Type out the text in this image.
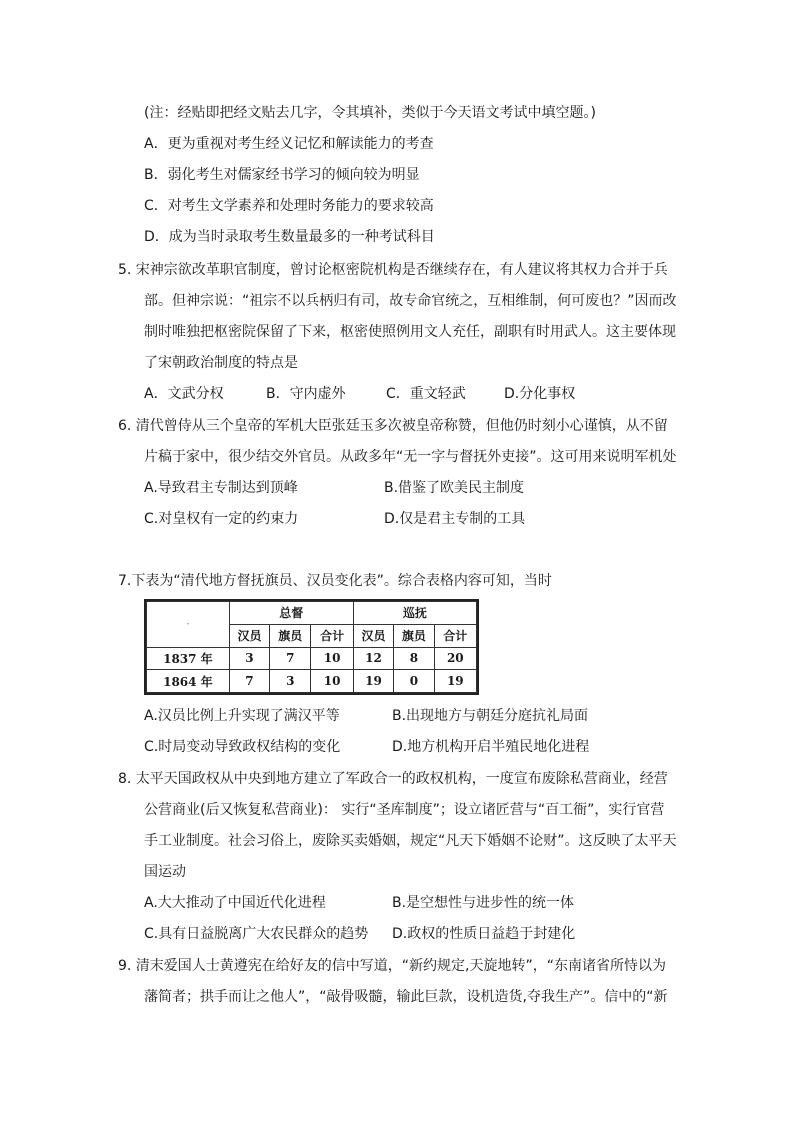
(注：经贴即把经文贴去几字，令其填补，类似于今天语文考试中填空题。)
A．更为重视对考生经义记忆和解读能力的考查
B．弱化考生对儒家经书学习的倾向较为明显
C．对考生文学素养和处理时务能力的要求较高
D．成为当时录取考生数量最多的一种考试科目
5. 宋神宗欲改革职官制度，曾讨论枢密院机构是否继续存在，有人建议将其权力合并于兵
部。但神宗说：“祖宗不以兵柄归有司，故专命官统之，互相维制，何可废也？”因而改
制时唯独把枢密院保留了下来，枢密使照例用文人充任，副职有时用武人。这主要体现
了宋朝政治制度的特点是
A．文武分权	B．守内虚外	C．重文轻武	D.分化事权
6. 清代曾侍从三个皇帝的军机大臣张廷玉多次被皇帝称赞，但他仍时刻小心谨慎，从不留
片稿于家中，很少结交外官员。从政多年“无一字与督抚外吏接”。这可用来说明军机处
A.导致君主专制达到顶峰	B.借鉴了欧美民主制度
C.对皇权有一定的约束力	D.仅是君主专制的工具
7.下表为“清代地方督抚旗员、汉员变化表”。综合表格内容可知，当时
·	总督			巡抚		
	汉员	旗员	合计	汉员	旗员	合计
1837 年	3	7	10	12	8	20
1864 年	7	3	10	19	0	19
A.汉员比例上升实现了满汉平等	B.出现地方与朝廷分庭抗礼局面
C.时局变动导致政权结构的变化	D.地方机构开启半殖民地化进程
8. 太平天国政权从中央到地方建立了军政合一的政权机构，一度宣布废除私营商业，经营
公营商业(后又恢复私营商业)： 实行“圣库制度”；设立诸匠营与“百工衙”，实行官营
手工业制度。社会习俗上，废除买卖婚姻，规定“凡天下婚姻不论财”。这反映了太平天
国运动
A.大大推动了中国近代化进程	B.是空想性与进步性的统一体
C.具有日益脱离广大农民群众的趋势 D.政权的性质日益趋于封建化
9. 清末爱国人士黄遵宪在给好友的信中写道，“新约规定,天旋地转”，“东南诸省所恃以为
藩简者；拱手而让之他人”，“敲骨吸髓，输此巨款，设机造货,夺我生产”。信中的“新
